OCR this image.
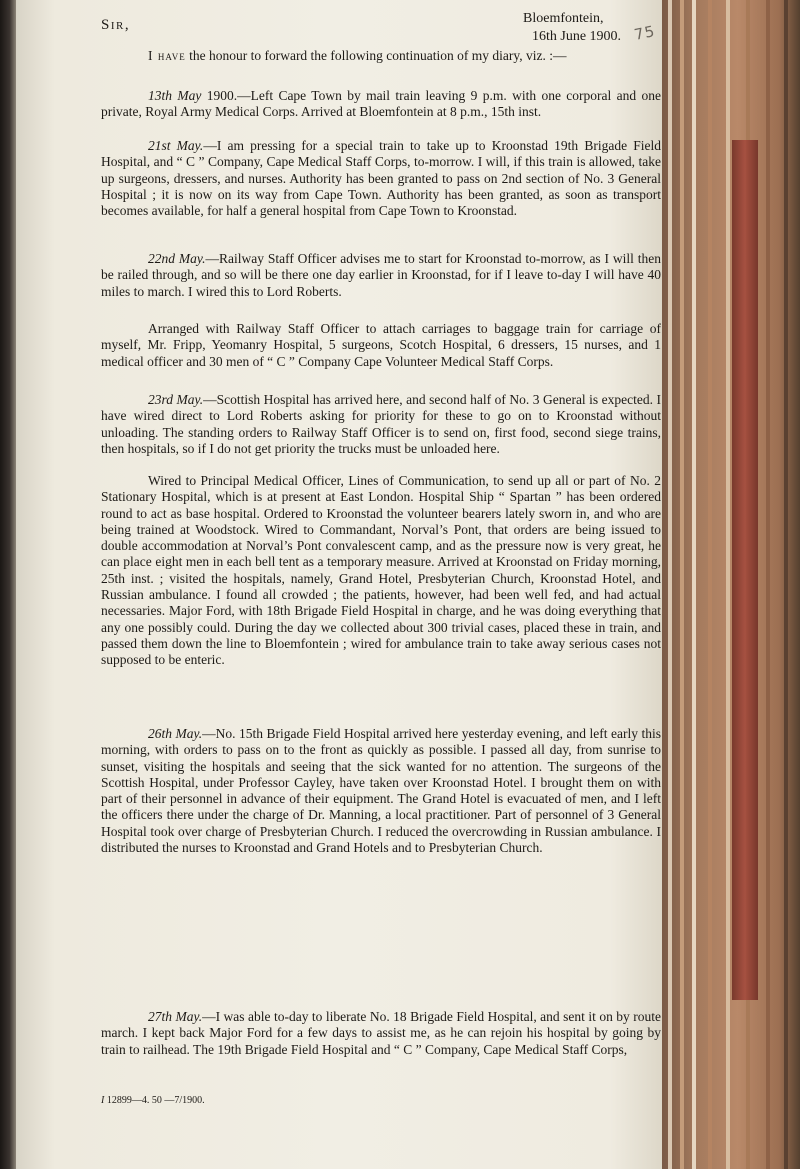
Bloemfontein,
16th June 1900.
Sir,
I have the honour to forward the following continuation of my diary, viz. :—

13th May 1900.—Left Cape Town by mail train leaving 9 p.m. with one corporal and one private, Royal Army Medical Corps. Arrived at Bloemfontein at 8 p.m., 15th inst.

21st May.—I am pressing for a special train to take up to Kroonstad 19th Brigade Field Hospital, and “ C ” Company, Cape Medical Staff Corps, to-morrow. I will, if this train is allowed, take up surgeons, dressers, and nurses. Authority has been granted to pass on 2nd section of No. 3 General Hospital ; it is now on its way from Cape Town. Authority has been granted, as soon as transport becomes available, for half a general hospital from Cape Town to Kroonstad.

22nd May.—Railway Staff Officer advises me to start for Kroonstad to-morrow, as I will then be railed through, and so will be there one day earlier in Kroonstad, for if I leave to-day I will have 40 miles to march. I wired this to Lord Roberts.

Arranged with Railway Staff Officer to attach carriages to baggage train for carriage of myself, Mr. Fripp, Yeomanry Hospital, 5 surgeons, Scotch Hospital, 6 dressers, 15 nurses, and 1 medical officer and 30 men of “ C ” Company Cape Volunteer Medical Staff Corps.

23rd May.—Scottish Hospital has arrived here, and second half of No. 3 General is expected. I have wired direct to Lord Roberts asking for priority for these to go on to Kroonstad without unloading. The standing orders to Railway Staff Officer is to send on, first food, second siege trains, then hospitals, so if I do not get priority the trucks must be unloaded here.

Wired to Principal Medical Officer, Lines of Communication, to send up all or part of No. 2 Stationary Hospital, which is at present at East London. Hospital Ship “ Spartan ” has been ordered round to act as base hospital. Ordered to Kroonstad the volunteer bearers lately sworn in, and who are being trained at Woodstock. Wired to Commandant, Norval’s Pont, that orders are being issued to double accommodation at Norval’s Pont convalescent camp, and as the pressure now is very great, he can place eight men in each bell tent as a temporary measure. Arrived at Kroonstad on Friday morning, 25th inst. ; visited the hospitals, namely, Grand Hotel, Presbyterian Church, Kroonstad Hotel, and Russian ambulance. I found all crowded ; the patients, however, had been well fed, and had actual necessaries. Major Ford, with 18th Brigade Field Hospital in charge, and he was doing everything that any one possibly could. During the day we collected about 300 trivial cases, placed these in train, and passed them down the line to Bloemfontein ; wired for ambulance train to take away serious cases not supposed to be enteric.

26th May.—No. 15th Brigade Field Hospital arrived here yesterday evening, and left early this morning, with orders to pass on to the front as quickly as possible. I passed all day, from sunrise to sunset, visiting the hospitals and seeing that the sick wanted for no attention. The surgeons of the Scottish Hospital, under Professor Cayley, have taken over Kroonstad Hotel. I brought them on with part of their personnel in advance of their equipment. The Grand Hotel is evacuated of men, and I left the officers there under the charge of Dr. Manning, a local practitioner. Part of personnel of 3 General Hospital took over charge of Presbyterian Church. I reduced the overcrowding in Russian ambulance. I distributed the nurses to Kroonstad and Grand Hotels and to Presbyterian Church.

27th May.—I was able to-day to liberate No. 18 Brigade Field Hospital, and sent it on by route march. I kept back Major Ford for a few days to assist me, as he can rejoin his hospital by going by train to railhead. The 19th Brigade Field Hospital and “ C ” Company, Cape Medical Staff Corps,

I 12899—4. 50 —7/1900.
75
